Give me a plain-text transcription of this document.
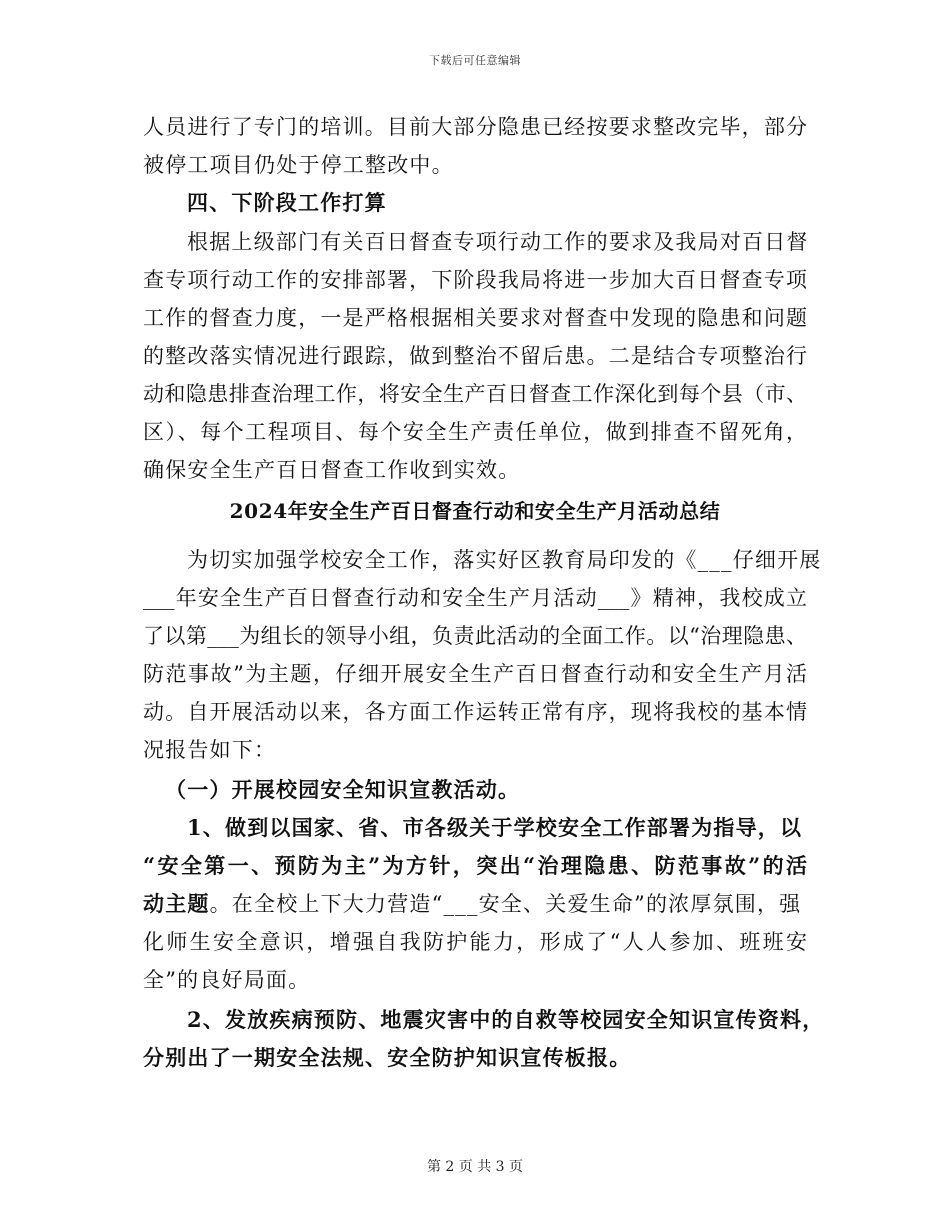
下载后可任意编辑
人员进行了专门的培训。目前大部分隐患已经按要求整改完毕，部分
被停工项目仍处于停工整改中。
四、下阶段工作打算
根据上级部门有关百日督查专项行动工作的要求及我局对百日督
查专项行动工作的安排部署，下阶段我局将进一步加大百日督查专项
工作的督查力度，一是严格根据相关要求对督查中发现的隐患和问题
的整改落实情况进行跟踪，做到整治不留后患。二是结合专项整治行
动和隐患排查治理工作，将安全生产百日督查工作深化到每个县（市、
区）、每个工程项目、每个安全生产责任单位，做到排查不留死角，
确保安全生产百日督查工作收到实效。
2024年安全生产百日督查行动和安全生产月活动总结
为切实加强学校安全工作，落实好区教育局印发的《___仔细开展
___年安全生产百日督查行动和安全生产月活动___》精神，我校成立
了以第___为组长的领导小组，负责此活动的全面工作。以“治理隐患、
防范事故”为主题，仔细开展安全生产百日督查行动和安全生产月活
动。自开展活动以来，各方面工作运转正常有序，现将我校的基本情
况报告如下：
（一）开展校园安全知识宣教活动。
1、做到以国家、省、市各级关于学校安全工作部署为指导，以
“安全第一、预防为主”为方针，突出“治理隐患、防范事故”的活
动主题。在全校上下大力营造“___安全、关爱生命”的浓厚氛围，强
化师生安全意识，增强自我防护能力，形成了“人人参加、班班安
全”的良好局面。
2、发放疾病预防、地震灾害中的自救等校园安全知识宣传资料，
分别出了一期安全法规、安全防护知识宣传板报。
第 2 页 共 3 页
